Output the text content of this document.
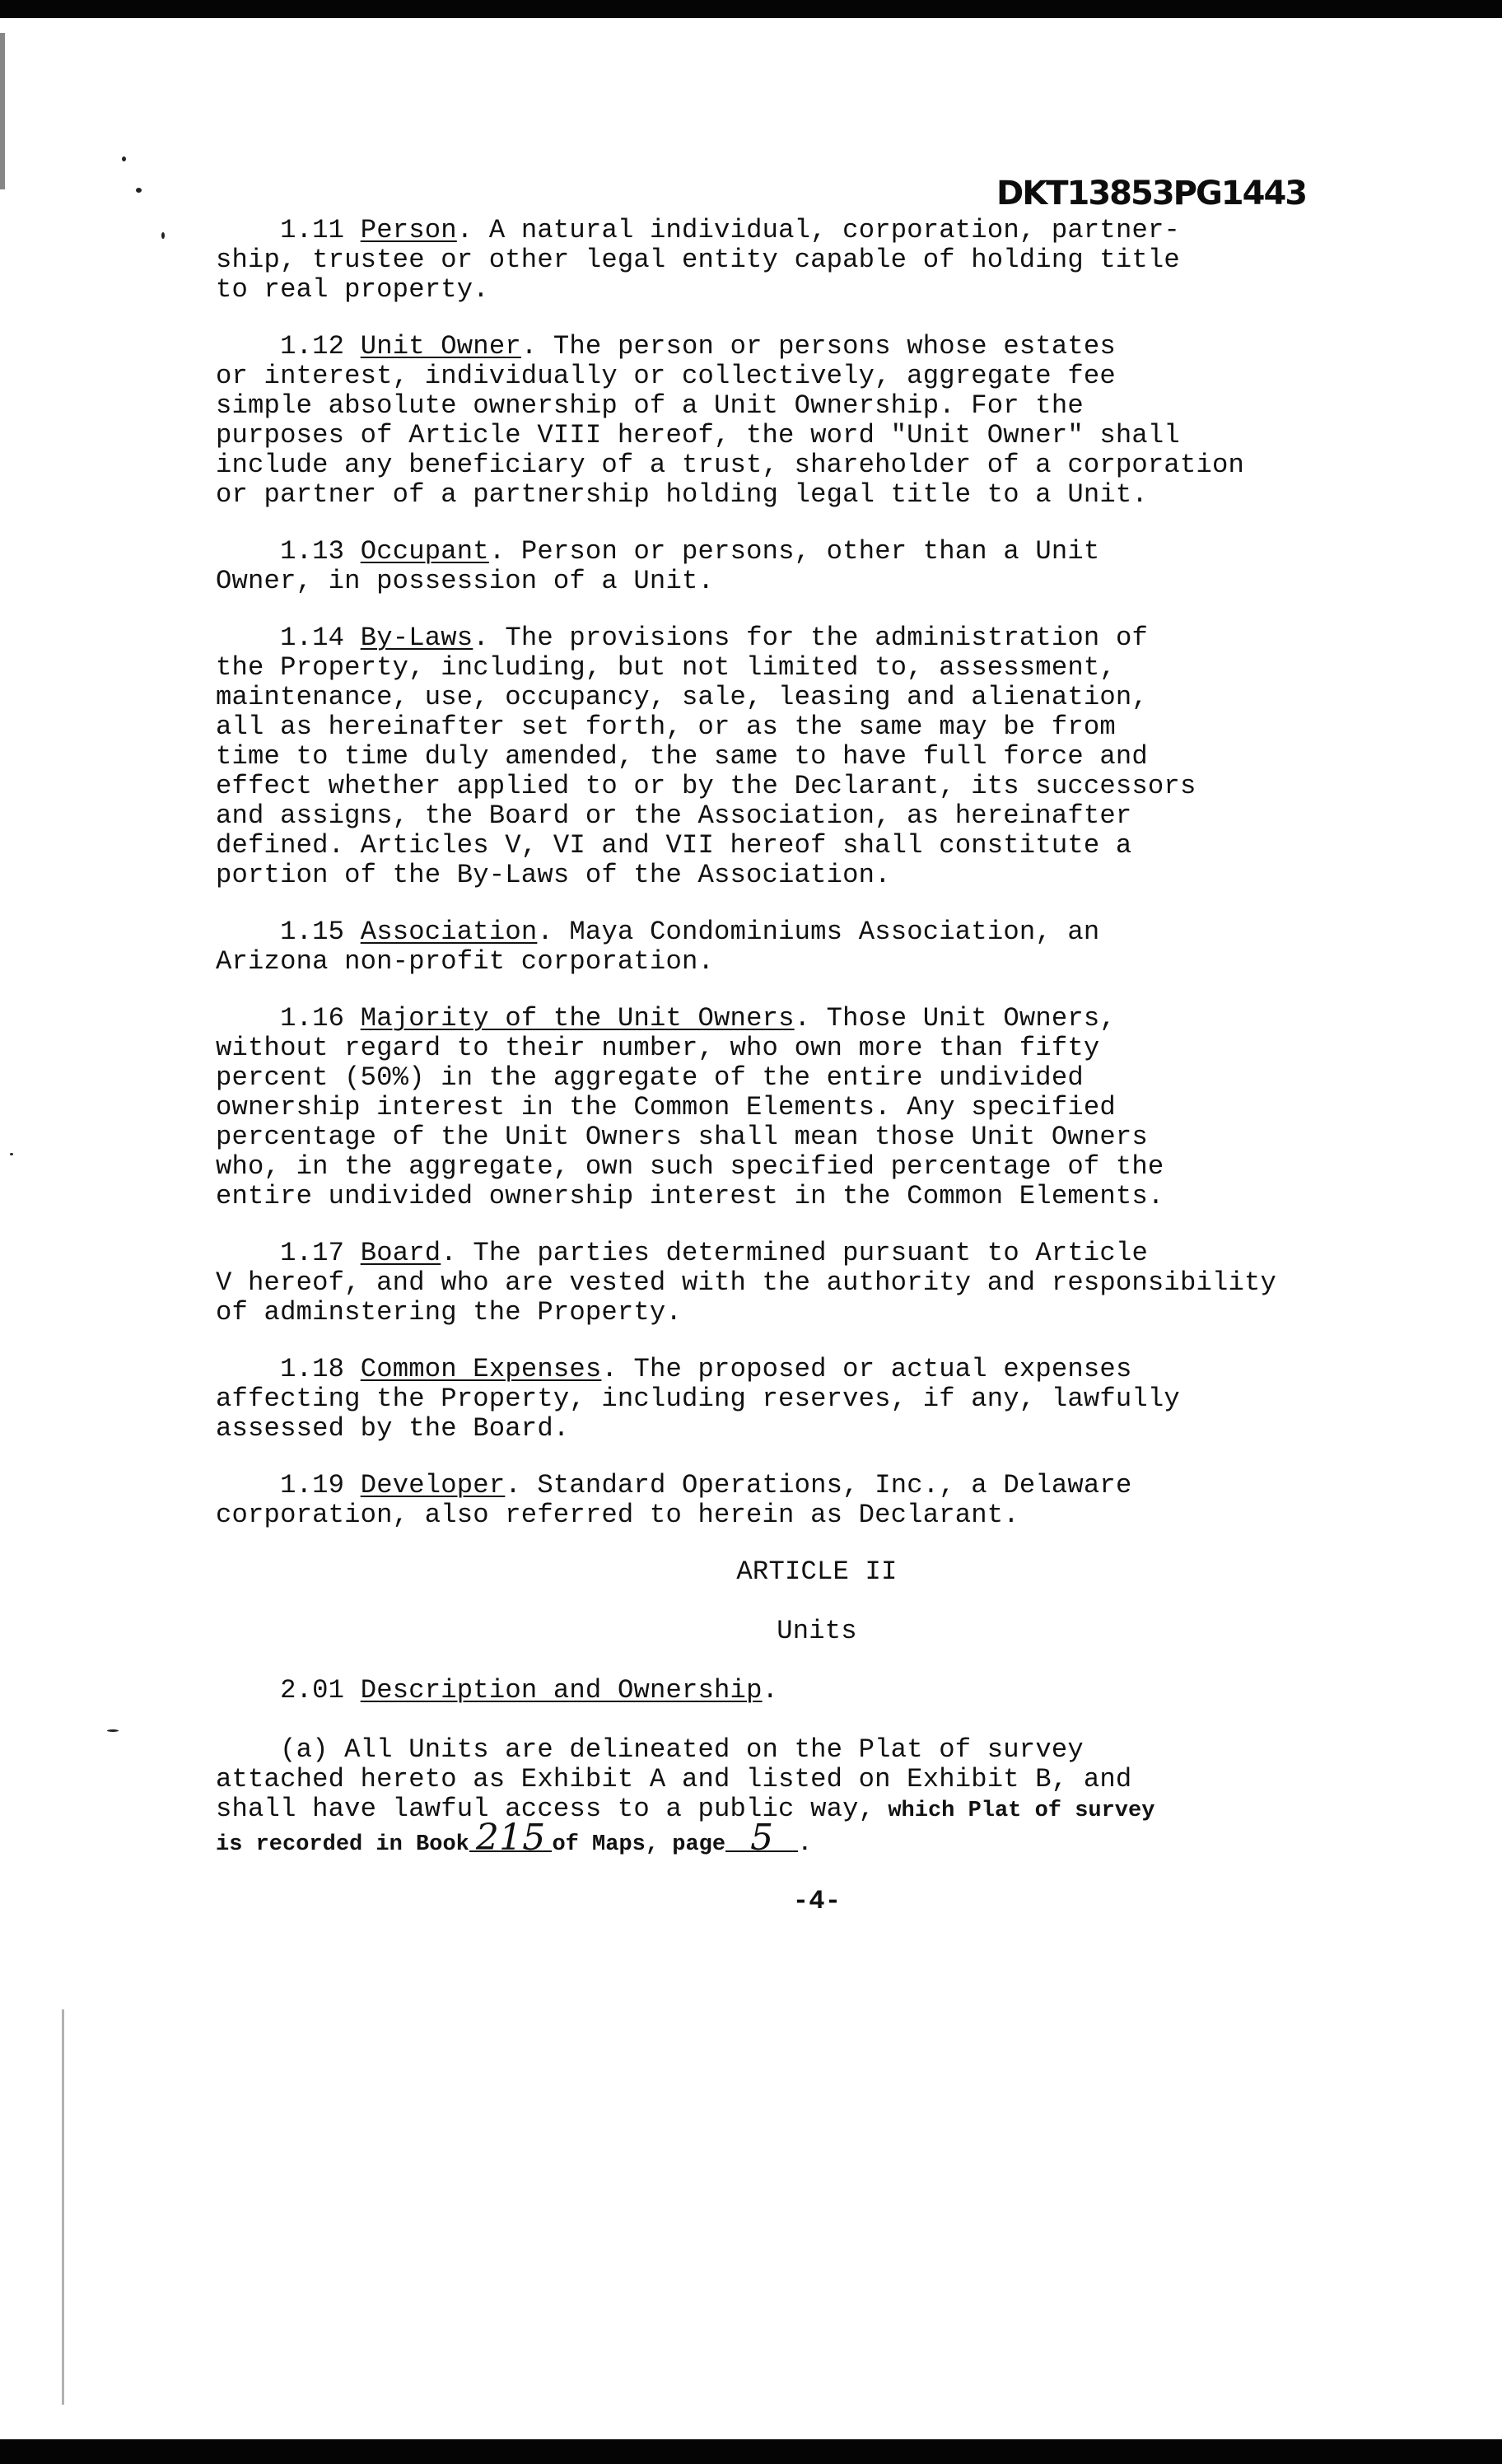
DKT13853PG1443
1.11 Person. A natural individual, corporation, partner-
ship, trustee or other legal entity capable of holding title
to real property.
1.12 Unit Owner. The person or persons whose estates
or interest, individually or collectively, aggregate fee
simple absolute ownership of a Unit Ownership. For the
purposes of Article VIII hereof, the word "Unit Owner" shall
include any beneficiary of a trust, shareholder of a corporation
or partner of a partnership holding legal title to a Unit.
1.13 Occupant. Person or persons, other than a Unit
Owner, in possession of a Unit.
1.14 By-Laws. The provisions for the administration of
the Property, including, but not limited to, assessment,
maintenance, use, occupancy, sale, leasing and alienation,
all as hereinafter set forth, or as the same may be from
time to time duly amended, the same to have full force and
effect whether applied to or by the Declarant, its successors
and assigns, the Board or the Association, as hereinafter
defined. Articles V, VI and VII hereof shall constitute a
portion of the By-Laws of the Association.
1.15 Association. Maya Condominiums Association, an
Arizona non-profit corporation.
1.16 Majority of the Unit Owners. Those Unit Owners,
without regard to their number, who own more than fifty
percent (50%) in the aggregate of the entire undivided
ownership interest in the Common Elements. Any specified
percentage of the Unit Owners shall mean those Unit Owners
who, in the aggregate, own such specified percentage of the
entire undivided ownership interest in the Common Elements.
1.17 Board. The parties determined pursuant to Article
V hereof, and who are vested with the authority and responsibility
of adminstering the Property.
1.18 Common Expenses. The proposed or actual expenses
affecting the Property, including reserves, if any, lawfully
assessed by the Board.
1.19 Developer. Standard Operations, Inc., a Delaware
corporation, also referred to herein as Declarant.
ARTICLE II
Units
2.01 Description and Ownership.
(a) All Units are delineated on the Plat of survey
attached hereto as Exhibit A and listed on Exhibit B, and
shall have lawful access to a public way, which Plat of survey
is recorded in Book 215 of Maps, page 5 .
-4-
